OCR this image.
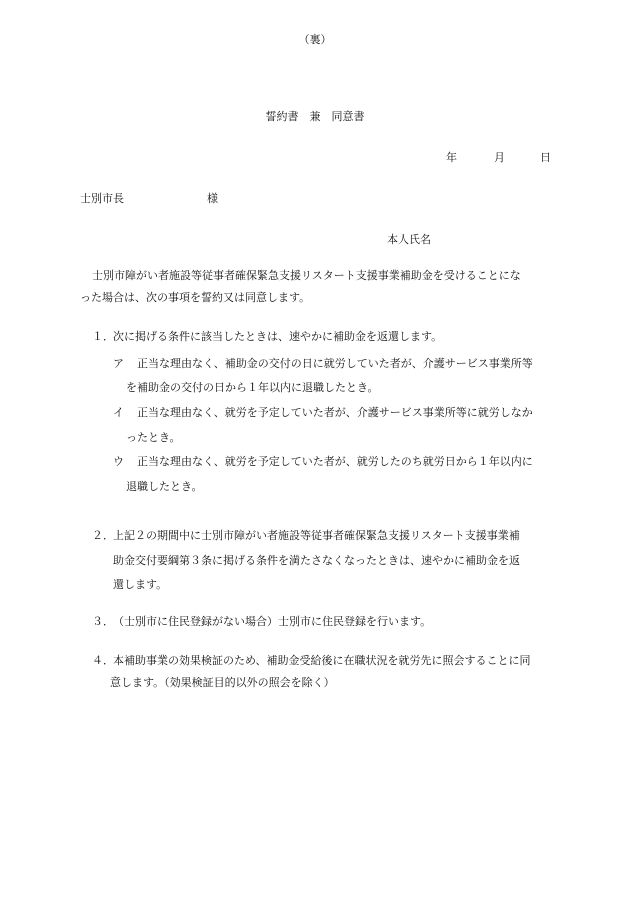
（裏）
誓約書　兼　同意書
年	月	日
士別市長	様
本人氏名
士別市障がい者施設等従事者確保緊急支援リスタート支援事業補助金を受けることにな
った場合は、次の事項を誓約又は同意します。
１． 次に掲げる条件に該当したときは、速やかに補助金を返還します。
ア 正当な理由なく、補助金の交付の日に就労していた者が、介護サービス事業所等
を補助金の交付の日から１年以内に退職したとき。
イ 正当な理由なく、就労を予定していた者が、介護サービス事業所等に就労しなか
ったとき。
ウ 正当な理由なく、就労を予定していた者が、就労したのち就労日から１年以内に
退職したとき。
２． 上記２の期間中に士別市障がい者施設等従事者確保緊急支援リスタート支援事業補
助金交付要綱第３条に掲げる条件を満たさなくなったときは、速やかに補助金を返
還します。
３． （士別市に住民登録がない場合）士別市に住民登録を行います。
４． 本補助事業の効果検証のため、補助金受給後に在職状況を就労先に照会することに同
意します。（効果検証目的以外の照会を除く）
